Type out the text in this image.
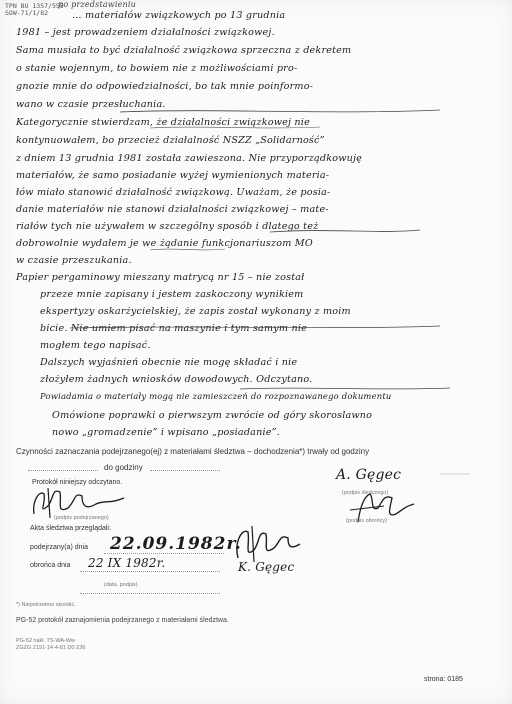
TPN BU 1357/555
SOW-71/1/82
po przedstawieniu
… materiałów związkowych po 13 grudnia
1981 – jest prowadzeniem działalności związkowej.
Sama musiała to być działalność związkowa sprzeczna z dekretem
o stanie wojennym, to bowiem nie z możliwościami pro-
gnozie mnie do odpowiedzialności, bo tak mnie poinformo-
wano w czasie przesłuchania.
Kategorycznie stwierdzam, że działalności związkowej nie
kontynuowałem, bo przecież działalność NSZZ „Solidarność”
z dniem 13 grudnia 1981 została zawieszona. Nie przyporządkowuję
materiałów, że samo posiadanie wyżej wymienionych materia-
łów miało stanowić działalność związkową. Uważam, że posia-
danie materiałów nie stanowi działalności związkowej – mate-
riałów tych nie używałem w szczególny sposób i dlatego też
dobrowolnie wydałem je we żądanie funkcjonariuszom MO
w czasie przeszukania.
Papier pergaminowy mieszany matrycą nr 15 – nie został
przeze mnie zapisany i jestem zaskoczony wynikiem
ekspertyzy oskarżycielskiej, że zapis został wykonany z moim
bicie. Nie umiem pisać na maszynie i tym samym nie
mogłem tego napisać.
Dalszych wyjaśnień obecnie nie mogę składać i nie
złożyłem żadnych wniosków dowodowych. Odczytano.
Powiadamia o materiały mogą nie zamieszczeń do rozpoznawanego dokumentu
Omówione poprawki o pierwszym zwrócie od góry skoroslawno
nowo „gromadzenie” i wpisano „posiadanie”.
Czynności zaznaczania podejrzanego(ej) z materiałami śledztwa – dochodzenia*) trwały od godziny
do godziny
Protokół niniejszy odczytano.
(podpis podejrzanego)
A. Gęgec
(podpis śledczego)
(podpis obrońcy)
Akta śledztwa przeglądali:
podejrzany(a) dnia 22.09.1982r.
obrońca dnia 22 IX 1982r.	K. Gęgec
(data, podpis)
*) Niepotrzebne skreślić.
PG-52 protokół zaznajomienia podejrzanego z materiałami śledztwa.
PG-52 nakł. TS-WA-Ww
ZGZG 2191-14-4-81 D0 Z36
strona: 0185
